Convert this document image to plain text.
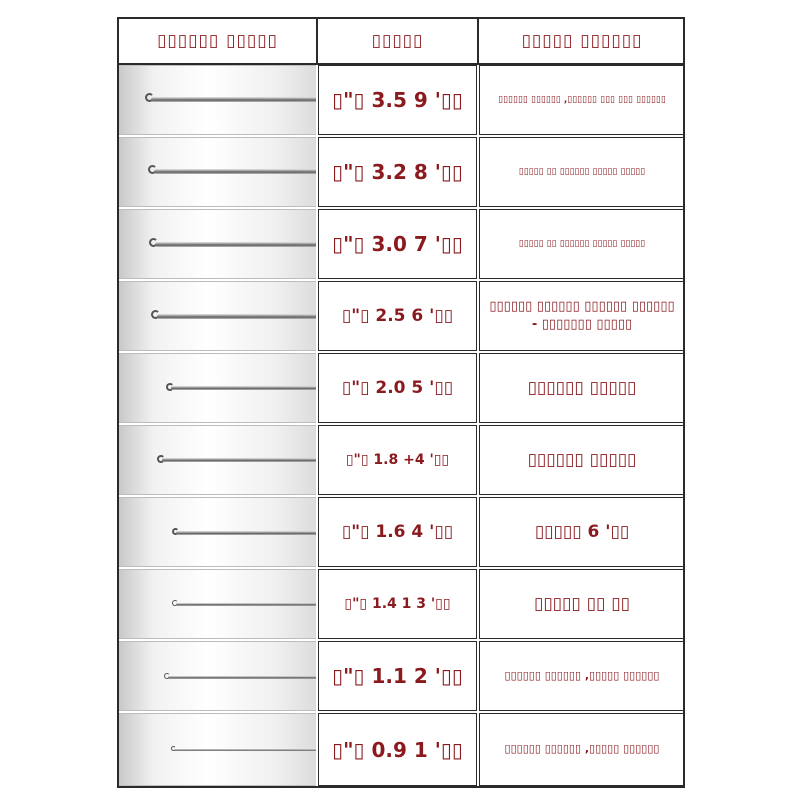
▯▯▯▯▯▯ ▯▯▯▯▯	▯▯▯▯▯	▯▯▯▯▯ ▯▯▯▯▯▯
▯"▯ 3.5 9 '▯▯	▯▯▯▯▯▯ ▯▯▯▯▯▯ ,▯▯▯▯▯▯ ▯▯▯ ▯▯▯ ▯▯▯▯▯▯
▯"▯ 3.2 8 '▯▯	▯▯▯▯▯ ▯▯ ▯▯▯▯▯▯ ▯▯▯▯▯ ▯▯▯▯▯
▯"▯ 3.0 7 '▯▯	▯▯▯▯▯ ▯▯ ▯▯▯▯▯▯ ▯▯▯▯▯ ▯▯▯▯▯
▯"▯ 2.5 6 '▯▯	▯▯▯▯▯▯ ▯▯▯▯▯▯ ▯▯▯▯▯▯ ▯▯▯▯▯▯ - ▯▯▯▯▯▯▯ ▯▯▯▯▯
▯"▯ 2.0 5 '▯▯	▯▯▯▯▯▯ ▯▯▯▯▯
▯"▯ 1.8 +4 '▯▯	▯▯▯▯▯▯ ▯▯▯▯▯
▯"▯ 1.6 4 '▯▯	▯▯▯▯▯ 6 '▯▯
▯"▯ 1.4 1 3 '▯▯	▯▯▯▯▯ ▯▯ ▯▯
▯"▯ 1.1 2 '▯▯	▯▯▯▯▯▯ ▯▯▯▯▯▯ ,▯▯▯▯▯ ▯▯▯▯▯▯
▯"▯ 0.9 1 '▯▯	▯▯▯▯▯▯ ▯▯▯▯▯▯ ,▯▯▯▯▯ ▯▯▯▯▯▯
